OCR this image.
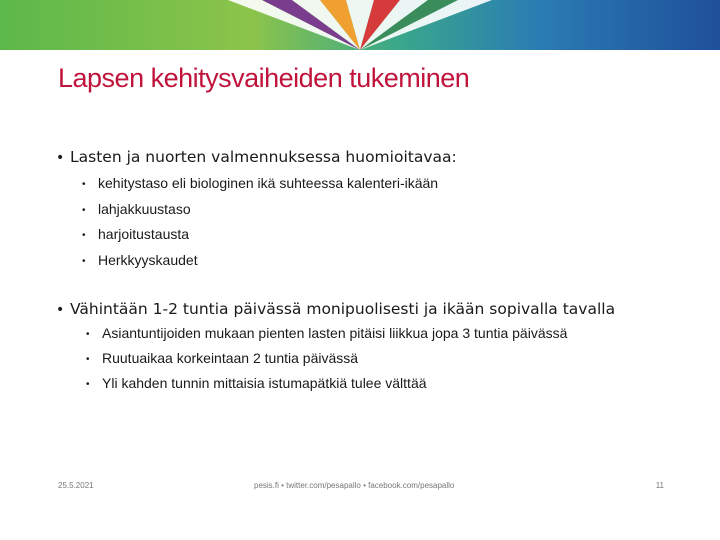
Lapsen kehitysvaiheiden tukeminen
• Lasten ja nuorten valmennuksessa huomioitavaa:
• kehitystaso eli biologinen ikä suhteessa kalenteri-ikään
• lahjakkuustaso
• harjoitustausta
• Herkkyyskaudet
• Vähintään 1-2 tuntia päivässä monipuolisesti ja ikään sopivalla tavalla
• Asiantuntijoiden mukaan pienten lasten pitäisi liikkua jopa 3 tuntia päivässä
• Ruutuaikaa korkeintaan 2 tuntia päivässä
• Yli kahden tunnin mittaisia istumapätkiä tulee välttää
25.5.2021	pesis.fi • twitter.com/pesapallo • facebook.com/pesapallo	11
